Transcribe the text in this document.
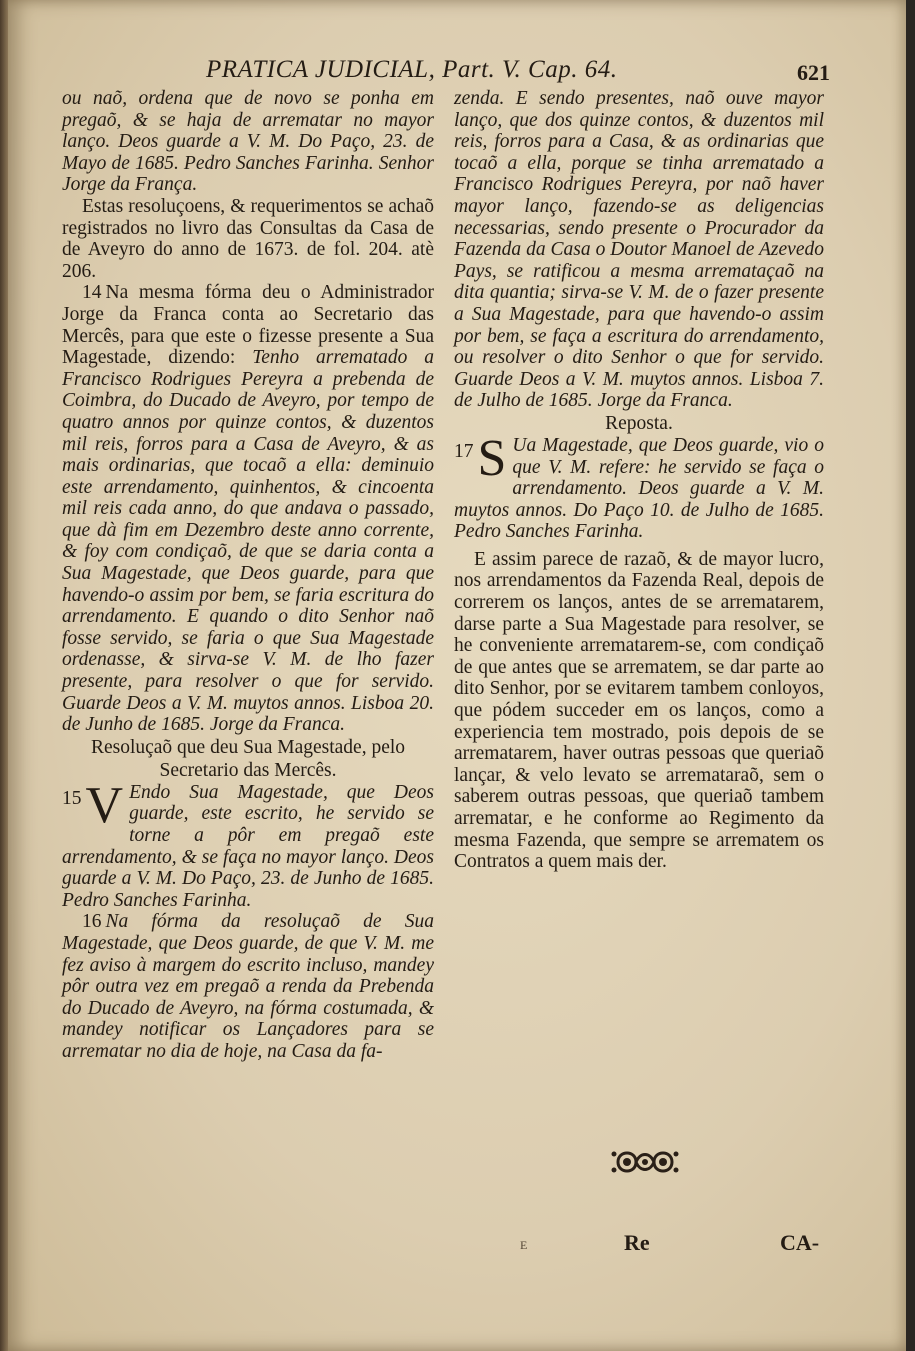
PRATICA JUDICIAL, Part. V. Cap. 64.	621

ou naõ, ordena que de novo se ponha em pregaõ, & se haja de arrematar no mayor lanço. Deos guarde a V. M. Do Paço, 23. de Mayo de 1685. Pedro Sanches Farinha. Senhor Jorge da França.

Estas resoluçoens, & requerimentos se achaõ registrados no livro das Consultas da Casa de de Aveyro do anno de 1673. de fol. 204. atè 206.

14 Na mesma fórma deu o Administrador Jorge da Franca conta ao Secretario das Mercês, para que este o fizesse presente a Sua Magestade, dizendo: Tenho arrematado a Francisco Rodrigues Pereyra a prebenda de Coimbra, do Ducado de Aveyro, por tempo de quatro annos por quinze contos, & duzentos mil reis, forros para a Casa de Aveyro, & as mais ordinarias, que tocaõ a ella: deminuio este arrendamento, quinhentos, & cincoenta mil reis cada anno, do que andava o passado, que dà fim em Dezembro deste anno corrente, & foy com condiçaõ, de que se daria conta a Sua Magestade, que Deos guarde, para que havendo-o assim por bem, se faria escritura do arrendamento. E quando o dito Senhor naõ fosse servido, se faria o que Sua Magestade ordenasse, & sirva-se V. M. de lho fazer presente, para resolver o que for servido. Guarde Deos a V. M. muytos annos. Lisboa 20. de Junho de 1685. Jorge da Franca.

Resoluçaõ que deu Sua Magestade, pelo Secretario das Mercês.

15 V Endo Sua Magestade, que Deos guarde, este escrito, he servido se torne a pôr em pregaõ este arrendamento, & se faça no mayor lanço. Deos guarde a V. M. Do Paço, 23. de Junho de 1685. Pedro Sanches Farinha.

16 Na fórma da resoluçaõ de Sua Magestade, que Deos guarde, de que V. M. me fez aviso à margem do escrito incluso, mandey pôr outra vez em pregaõ a renda da Prebenda do Ducado de Aveyro, na fórma costumada, & mandey notificar os Lançadores para se arrematar no dia de hoje, na Casa da fa-

zenda. E sendo presentes, naõ ouve mayor lanço, que dos quinze contos, & duzentos mil reis, forros para a Casa, & as ordinarias que tocaõ a ella, porque se tinha arrematado a Francisco Rodrigues Pereyra, por naõ haver mayor lanço, fazendo-se as deligencias necessarias, sendo presente o Procurador da Fazenda da Casa o Doutor Manoel de Azevedo Pays, se ratificou a mesma arremataçaõ na dita quantia; sirva-se V. M. de o fazer presente a Sua Magestade, para que havendo-o assim por bem, se faça a escritura do arrendamento, ou resolver o dito Senhor o que for servido. Guarde Deos a V. M. muytos annos. Lisboa 7. de Julho de 1685. Jorge da Franca.

Reposta.

17 S Ua Magestade, que Deos guarde, vio o que V. M. refere: he servido se faça o arrendamento. Deos guarde a V. M. muytos annos. Do Paço 10. de Julho de 1685. Pedro Sanches Farinha.

E assim parece de razaõ, & de mayor lucro, nos arrendamentos da Fazenda Real, depois de correrem os lanços, antes de se arrematarem, darse parte a Sua Magestade para resolver, se he conveniente arrematarem-se, com condiçaõ de que antes que se arrematem, se dar parte ao dito Senhor, por se evitarem tambem conloyos, que pódem succeder em os lanços, como a experiencia tem mostrado, pois depois de se arrematarem, haver outras pessoas que queriaõ lançar, & velo levato se arremataraõ, sem o saberem outras pessoas, que queriaõ tambem arrematar, e he conforme ao Regimento da mesma Fazenda, que sempre se arrematem os Contratos a quem mais der.

E	Re	CA-
